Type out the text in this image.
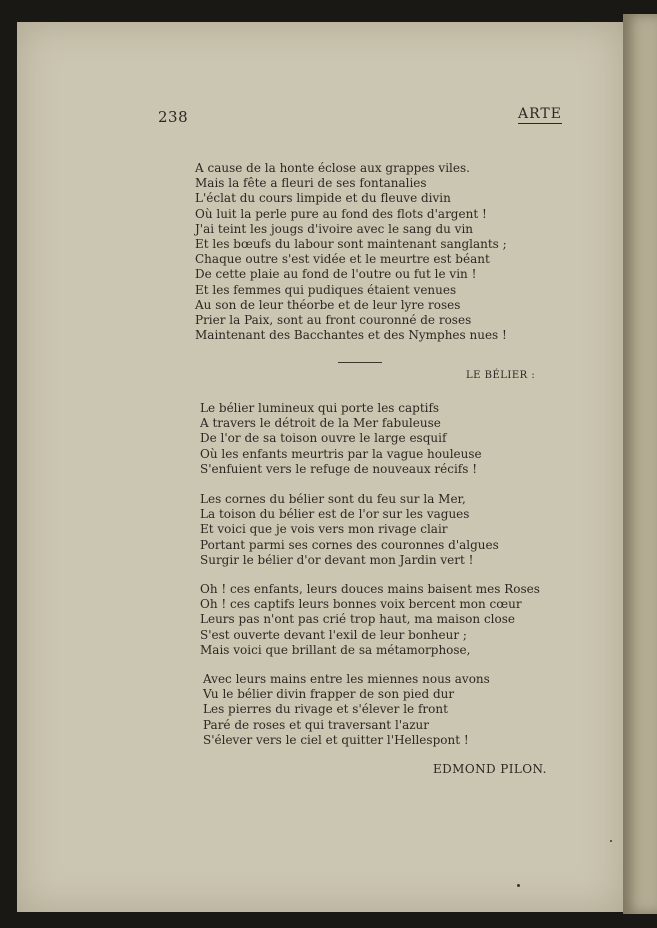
238	ARTE
A cause de la honte éclose aux grappes viles.
Mais la fête a fleuri de ses fontanalies
L'éclat du cours limpide et du fleuve divin
Où luit la perle pure au fond des flots d'argent !
J'ai teint les jougs d'ivoire avec le sang du vin
Et les bœufs du labour sont maintenant sanglants ;
Chaque outre s'est vidée et le meurtre est béant
De cette plaie au fond de l'outre ou fut le vin !
Et les femmes qui pudiques étaient venues
Au son de leur théorbe et de leur lyre roses
Prier la Paix, sont au front couronné de roses
Maintenant des Bacchantes et des Nymphes nues !
LE BÉLIER :
Le bélier lumineux qui porte les captifs
A travers le détroit de la Mer fabuleuse
De l'or de sa toison ouvre le large esquif
Où les enfants meurtris par la vague houleuse
S'enfuient vers le refuge de nouveaux récifs !
Les cornes du bélier sont du feu sur la Mer,
La toison du bélier est de l'or sur les vagues
Et voici que je vois vers mon rivage clair
Portant parmi ses cornes des couronnes d'algues
Surgir le bélier d'or devant mon Jardin vert !
Oh ! ces enfants, leurs douces mains baisent mes Roses
Oh ! ces captifs leurs bonnes voix bercent mon cœur
Leurs pas n'ont pas crié trop haut, ma maison close
S'est ouverte devant l'exil de leur bonheur ;
Mais voici que brillant de sa métamorphose,
Avec leurs mains entre les miennes nous avons
Vu le bélier divin frapper de son pied dur
Les pierres du rivage et s'élever le front
Paré de roses et qui traversant l'azur
S'élever vers le ciel et quitter l'Hellespont !
EDMOND PILON.
